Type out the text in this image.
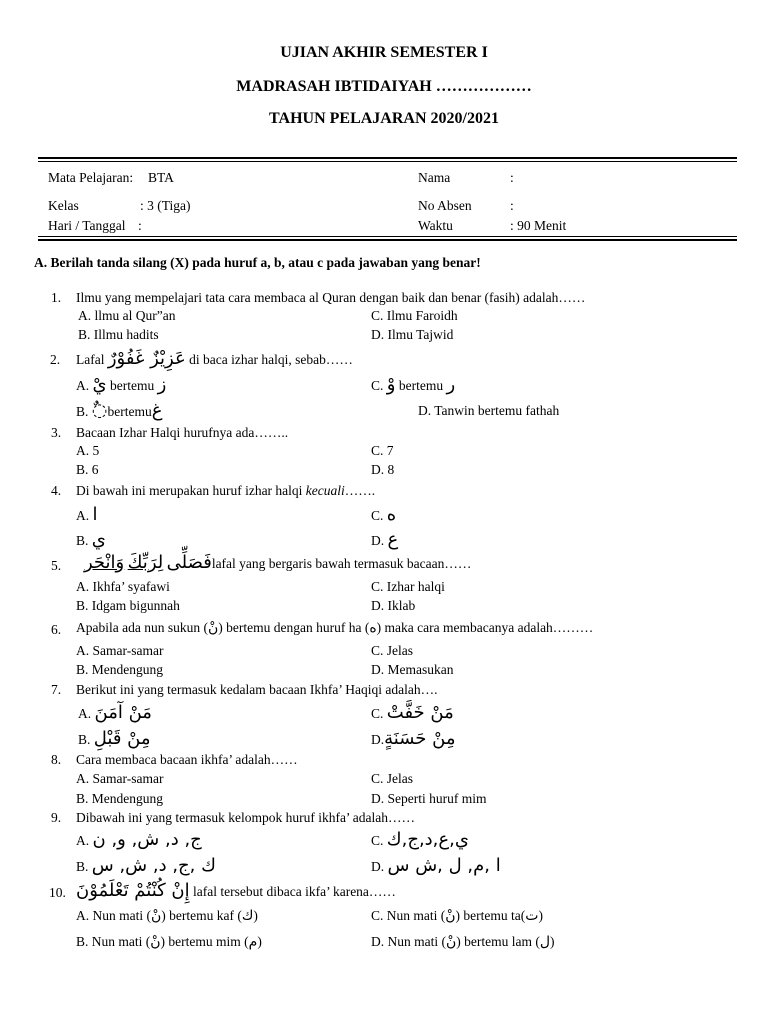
UJIAN AKHIR SEMESTER I
MADRASAH IBTIDAIYAH ………………
TAHUN PELAJARAN 2020/2021
Mata Pelajaran: BTA	Nama	:
Kelas	: 3 (Tiga)	No Absen	:
Hari / Tanggal :	Waktu	: 90 Menit
A. Berilah tanda silang (X) pada huruf a, b, atau c pada jawaban yang benar!
1. Ilmu yang mempelajari tata cara membaca al Quran dengan baik dan benar (fasih) adalah……
A. llmu al Qur”an	C. Ilmu Faroidh
B. Illmu hadits	D. Ilmu Tajwid
2. Lafal عَزِيْزٌ غَفُوْرٌ di baca izhar halqi, sebab……
A. يْ bertemu ز	C. وْ bertemu ر
B. ◌ٌbertemuغ	D. Tanwin bertemu fathah
3. Bacaan Izhar Halqi hurufnya ada……..
A. 5	C. 7
B. 6	D. 8
4. Di bawah ini merupakan huruf izhar halqi kecuali…….
A. ا	C. ه
B. ي	D. ع
5. وَانْحَر لِرَبِّكَ فَصَلِّىlafal yang bergaris bawah termasuk bacaan……
A. Ikhfa’ syafawi	C. Izhar halqi
B. Idgam bigunnah	D. Iklab
6. Apabila ada nun sukun (نْ) bertemu dengan huruf ha (ه) maka cara membacanya adalah………
A. Samar-samar	C. Jelas
B. Mendengung	D. Memasukan
7. Berikut ini yang termasuk kedalam bacaan Ikhfa’ Haqiqi adalah….
A. مَنْ آمَنَ	C. مَنْ خَفَّتْ
B. مِنْ قَبْلِ	D.مِنْ حَسَنَةٍ
8. Cara membaca bacaan ikhfa’ adalah……
A. Samar-samar	C. Jelas
B. Mendengung	D. Seperti huruf mim
9. Dibawah ini yang termasuk kelompok huruf ikhfa’ adalah……
A. ج, د, ش, و, ن	C. ي,ع,د,ج,ك
B. ك ,ج, د, ش, س	D. ا ,م, ل ,ش س
10. إِنْ كُنْتُمْ تَعْلَمُوْنَ lafal tersebut dibaca ikfa’ karena……
A. Nun mati (نْ) bertemu kaf (ك)	C. Nun mati (نْ) bertemu ta(ت)
B. Nun mati (نْ) bertemu mim (م)	D. Nun mati (نْ) bertemu lam (ل)
